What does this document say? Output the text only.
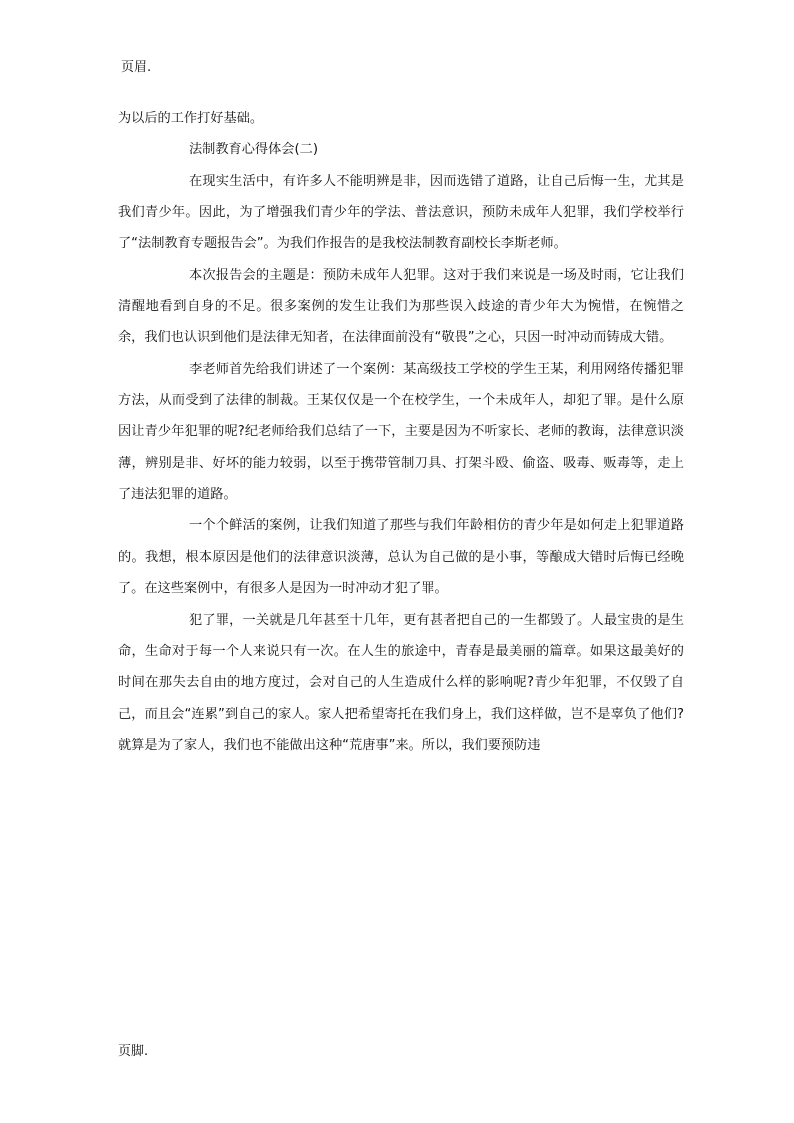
页眉.

为以后的工作打好基础。

法制教育心得体会(二)

在现实生活中，有许多人不能明辨是非，因而选错了道路，让自己后悔一生，尤其是我们青少年。因此，为了增强我们青少年的学法、普法意识，预防未成年人犯罪，我们学校举行了“法制教育专题报告会”。为我们作报告的是我校法制教育副校长李斯老师。

本次报告会的主题是：预防未成年人犯罪。这对于我们来说是一场及时雨，它让我们清醒地看到自身的不足。很多案例的发生让我们为那些误入歧途的青少年大为惋惜，在惋惜之余，我们也认识到他们是法律无知者，在法律面前没有“敬畏”之心，只因一时冲动而铸成大错。

李老师首先给我们讲述了一个案例：某高级技工学校的学生王某，利用网络传播犯罪方法，从而受到了法律的制裁。王某仅仅是一个在校学生，一个未成年人，却犯了罪。是什么原因让青少年犯罪的呢?纪老师给我们总结了一下，主要是因为不听家长、老师的教诲，法律意识淡薄，辨别是非、好坏的能力较弱，以至于携带管制刀具、打架斗殴、偷盗、吸毒、贩毒等，走上了违法犯罪的道路。

一个个鲜活的案例，让我们知道了那些与我们年龄相仿的青少年是如何走上犯罪道路的。我想，根本原因是他们的法律意识淡薄，总认为自己做的是小事，等酿成大错时后悔已经晚了。在这些案例中，有很多人是因为一时冲动才犯了罪。

犯了罪，一关就是几年甚至十几年，更有甚者把自己的一生都毁了。人最宝贵的是生命，生命对于每一个人来说只有一次。在人生的旅途中，青春是最美丽的篇章。如果这最美好的时间在那失去自由的地方度过，会对自己的人生造成什么样的影响呢?青少年犯罪，不仅毁了自己，而且会“连累”到自己的家人。家人把希望寄托在我们身上，我们这样做，岂不是辜负了他们?就算是为了家人，我们也不能做出这种“荒唐事”来。所以，我们要预防违

页脚.
